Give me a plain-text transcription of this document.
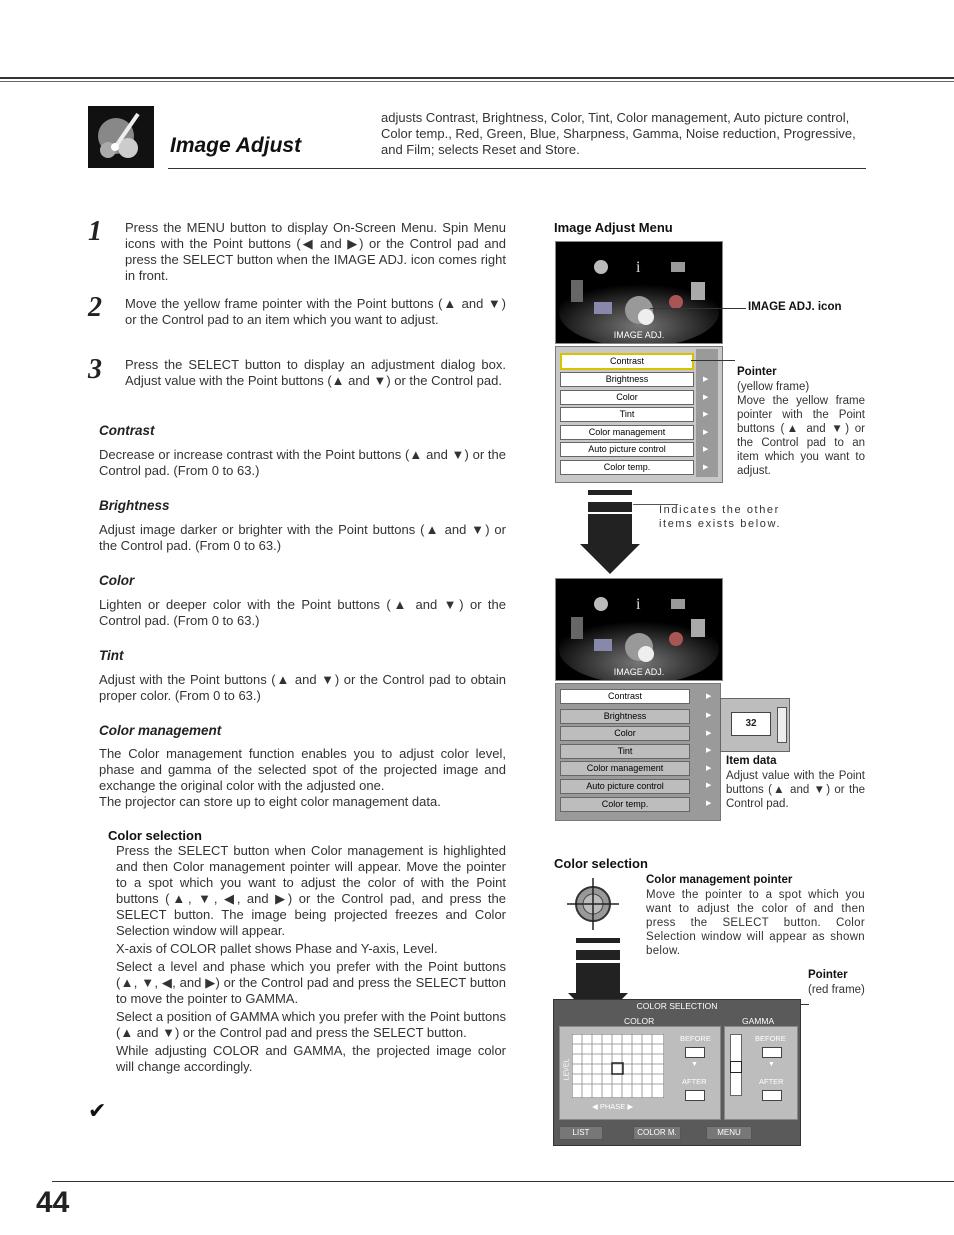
Image Adjust
adjusts Contrast, Brightness, Color, Tint, Color management, Auto picture control, Color temp., Red, Green, Blue, Sharpness, Gamma, Noise reduction, Progressive, and Film; selects Reset and Store.
1 Press the MENU button to display On-Screen Menu. Spin Menu icons with the Point buttons (◀ and ▶) or the Control pad and press the SELECT button when the IMAGE ADJ. icon comes right in front.
2 Move the yellow frame pointer with the Point buttons (▲ and ▼) or the Control pad to an item which you want to adjust.
3 Press the SELECT button to display an adjustment dialog box. Adjust value with the Point buttons (▲ and ▼) or the Control pad.
Contrast
Decrease or increase contrast with the Point buttons (▲ and ▼) or the Control pad. (From 0 to 63.)
Brightness
Adjust image darker or brighter with the Point buttons (▲ and ▼) or the Control pad. (From 0 to 63.)
Color
Lighten or deeper color with the Point buttons (▲ and ▼) or the Control pad. (From 0 to 63.)
Tint
Adjust with the Point buttons (▲ and ▼) or the Control pad to obtain proper color. (From 0 to 63.)
Color management
The Color management function enables you to adjust color level, phase and gamma of the selected spot of the projected image and exchange the original color with the adjusted one.
The projector can store up to eight color management data.
Color selection
Press the SELECT button when Color management is highlighted and then Color management pointer will appear. Move the pointer to a spot which you want to adjust the color of with the Point buttons (▲, ▼, ◀, and ▶) or the Control pad, and press the SELECT button. The image being projected freezes and Color Selection window will appear.
X-axis of COLOR pallet shows Phase and Y-axis, Level.
Select a level and phase which you prefer with the Point buttons (▲, ▼, ◀, and ▶) or the Control pad and press the SELECT button to move the pointer to GAMMA.
Select a position of GAMMA which you prefer with the Point buttons (▲ and ▼) or the Control pad and press the SELECT button.
While adjusting COLOR and GAMMA, the projected image color will change accordingly.
✔
Image Adjust Menu
i
IMAGE ADJ.
IMAGE ADJ. icon
Contrast
Brightness
Color
Tint
Color management
Auto picture control
Color temp.
▶
▶
▶
▶
▶
▶
Pointer
(yellow frame)
Move the yellow frame pointer with the Point buttons (▲ and ▼) or the Control pad to an item which you want to adjust.
Indicates the other items exists below.
i
IMAGE ADJ.
Contrast
Brightness
Color
Tint
Color management
Auto picture control
Color temp.
▶
▶
▶
▶
▶
▶
▶
32
Item data
Adjust value with the Point buttons (▲ and ▼) or the Control pad.
Color selection
Color management pointer
Move the pointer to a spot which you want to adjust the color of and then press the SELECT button. Color Selection window will appear as shown below.
Pointer
(red frame)
COLOR SELECTION
COLOR	GAMMA
LEVEL
◀ PHASE ▶
BEFORE
▼
AFTER
BEFORE
▼
AFTER
LIST	COLOR M.	MENU
44
